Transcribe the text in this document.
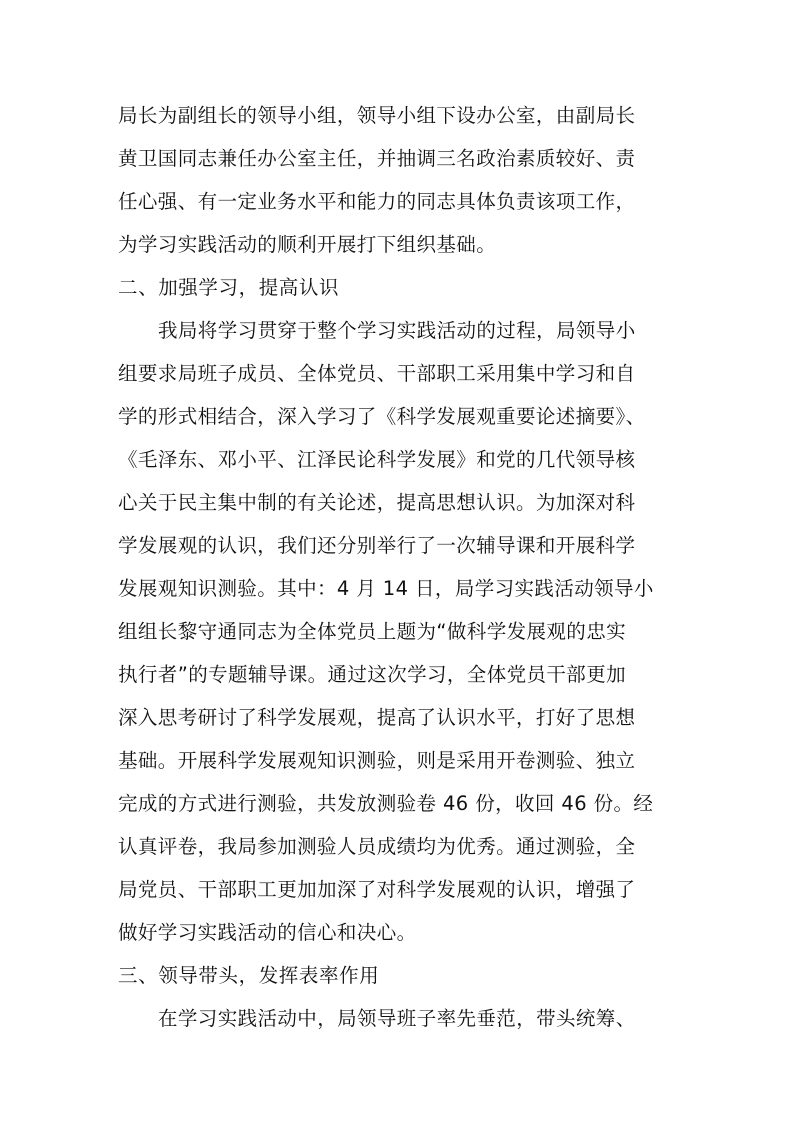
局长为副组长的领导小组，领导小组下设办公室，由副局长
黄卫国同志兼任办公室主任，并抽调三名政治素质较好、责
任心强、有一定业务水平和能力的同志具体负责该项工作，
为学习实践活动的顺利开展打下组织基础。
二、加强学习，提高认识
我局将学习贯穿于整个学习实践活动的过程，局领导小
组要求局班子成员、全体党员、干部职工采用集中学习和自
学的形式相结合，深入学习了《科学发展观重要论述摘要》、
《毛泽东、邓小平、江泽民论科学发展》和党的几代领导核
心关于民主集中制的有关论述，提高思想认识。为加深对科
学发展观的认识，我们还分别举行了一次辅导课和开展科学
发展观知识测验。其中：4 月 14 日，局学习实践活动领导小
组组长黎守通同志为全体党员上题为“做科学发展观的忠实
执行者”的专题辅导课。通过这次学习，全体党员干部更加
深入思考研讨了科学发展观，提高了认识水平，打好了思想
基础。开展科学发展观知识测验，则是采用开卷测验、独立
完成的方式进行测验，共发放测验卷 46 份，收回 46 份。经
认真评卷，我局参加测验人员成绩均为优秀。通过测验，全
局党员、干部职工更加加深了对科学发展观的认识，增强了
做好学习实践活动的信心和决心。
三、领导带头，发挥表率作用
在学习实践活动中，局领导班子率先垂范，带头统筹、
